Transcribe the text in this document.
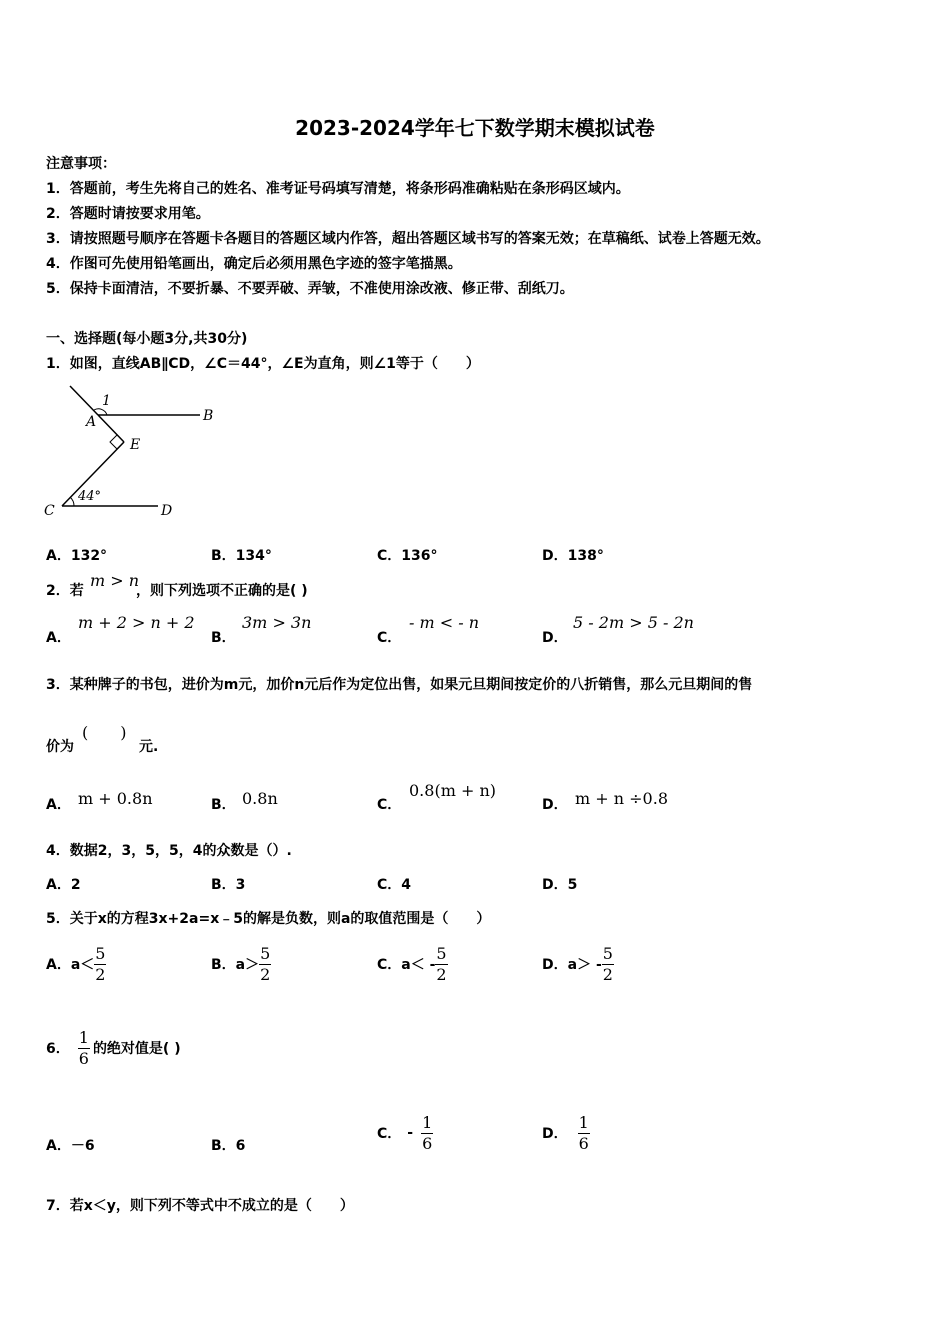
2023-2024学年七下数学期末模拟试卷
注意事项：
1．答题前，考生先将自己的姓名、准考证号码填写清楚，将条形码准确粘贴在条形码区域内。
2．答题时请按要求用笔。
3．请按照题号顺序在答题卡各题目的答题区域内作答，超出答题区域书写的答案无效；在草稿纸、试卷上答题无效。
4．作图可先使用铅笔画出，确定后必须用黑色字迹的签字笔描黑。
5．保持卡面清洁，不要折暴、不要弄破、弄皱，不准使用涂改液、修正带、刮纸刀。
一、选择题(每小题3分,共30分)
1．如图，直线AB∥CD，∠C＝44°，∠E为直角，则∠1等于（　　）
1
A	B
E
C	D
44°
A．132°	B．134°	C．136°	D．138°
2．若
m > n
，则下列选项不正确的是( )
A．
m + 2 > n + 2
B．
3m > 3n
C．
- m < - n
D．
5 - 2m > 5 - 2n
3．某种牌子的书包，进价为m元，加价n元后作为定位出售，如果元旦期间按定价的八折销售，那么元旦期间的售
价为
(　　)
元.
A． m + 0.8n	B． 0.8n	C．
0.8(m + n)
D． m + n ÷0.8
4．数据2，3，5，5，4的众数是（）.
A．2	B．3	C．4	D．5
5．关于x的方程3x+2a=x﹣5的解是负数，则a的取值范围是（　　）
A． $a< \frac{5}{2}$	B． $a> \frac{5}{2}$	C． $a< - \frac{5}{2}$	D． $a> - \frac{5}{2}$
6． $\frac{1}{6}$ 的绝对值是( )
A．－6	B．6
C． - $\frac{1}{6}$	D． $\frac{1}{6}$
7．若x＜y，则下列不等式中不成立的是（　　）
